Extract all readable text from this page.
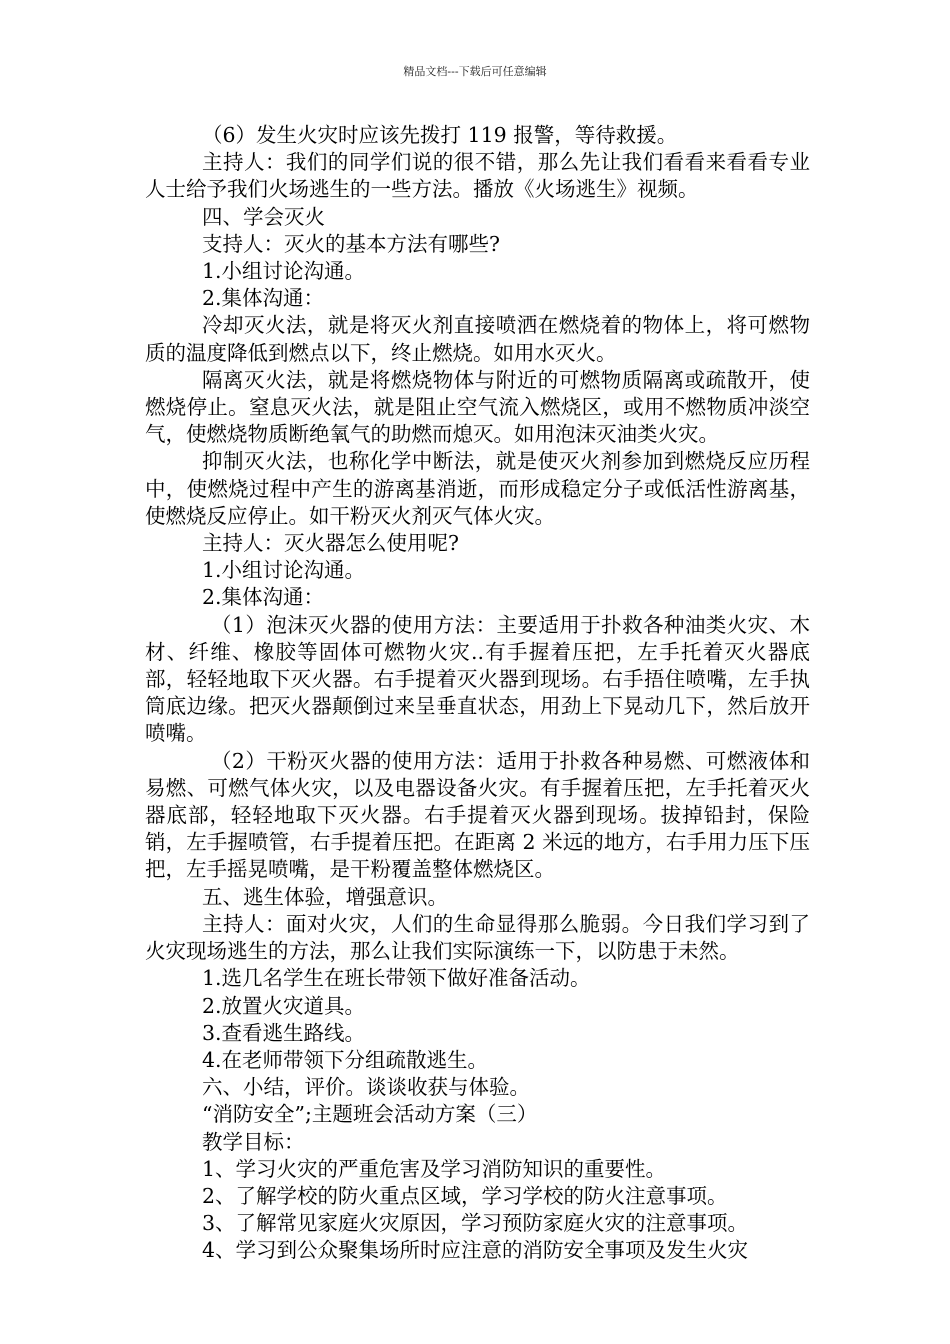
精品文档---下载后可任意编辑

（6）发生火灾时应该先拨打 119 报警，等待救援。

主持人：我们的同学们说的很不错，那么先让我们看看来看看专业人士给予我们火场逃生的一些方法。播放《火场逃生》视频。

四、学会灭火

支持人：灭火的基本方法有哪些?

1.小组讨论沟通。

2.集体沟通：

冷却灭火法，就是将灭火剂直接喷洒在燃烧着的物体上，将可燃物质的温度降低到燃点以下，终止燃烧。如用水灭火。

隔离灭火法，就是将燃烧物体与附近的可燃物质隔离或疏散开，使燃烧停止。窒息灭火法，就是阻止空气流入燃烧区，或用不燃物质冲淡空气，使燃烧物质断绝氧气的助燃而熄灭。如用泡沫灭油类火灾。

抑制灭火法，也称化学中断法，就是使灭火剂参加到燃烧反应历程中，使燃烧过程中产生的游离基消逝，而形成稳定分子或低活性游离基，使燃烧反应停止。如干粉灭火剂灭气体火灾。

主持人：灭火器怎么使用呢?

1.小组讨论沟通。

2.集体沟通：

（1）泡沫灭火器的使用方法：主要适用于扑救各种油类火灾、木材、纤维、橡胶等固体可燃物火灾..有手握着压把，左手托着灭火器底部，轻轻地取下灭火器。右手提着灭火器到现场。右手捂住喷嘴，左手执筒底边缘。把灭火器颠倒过来呈垂直状态，用劲上下晃动几下，然后放开喷嘴。

（2）干粉灭火器的使用方法：适用于扑救各种易燃、可燃液体和易燃、可燃气体火灾，以及电器设备火灾。有手握着压把，左手托着灭火器底部，轻轻地取下灭火器。右手提着灭火器到现场。拔掉铅封，保险销，左手握喷管，右手提着压把。在距离 2 米远的地方，右手用力压下压把，左手摇晃喷嘴，是干粉覆盖整体燃烧区。

五、逃生体验，增强意识。

主持人：面对火灾，人们的生命显得那么脆弱。今日我们学习到了火灾现场逃生的方法，那么让我们实际演练一下，以防患于未然。

1.选几名学生在班长带领下做好准备活动。

2.放置火灾道具。

3.查看逃生路线。

4.在老师带领下分组疏散逃生。

六、小结，评价。谈谈收获与体验。

“消防安全”;主题班会活动方案（三）

教学目标：

1、学习火灾的严重危害及学习消防知识的重要性。

2、了解学校的防火重点区域，学习学校的防火注意事项。

3、了解常见家庭火灾原因，学习预防家庭火灾的注意事项。

4、学习到公众聚集场所时应注意的消防安全事项及发生火灾
